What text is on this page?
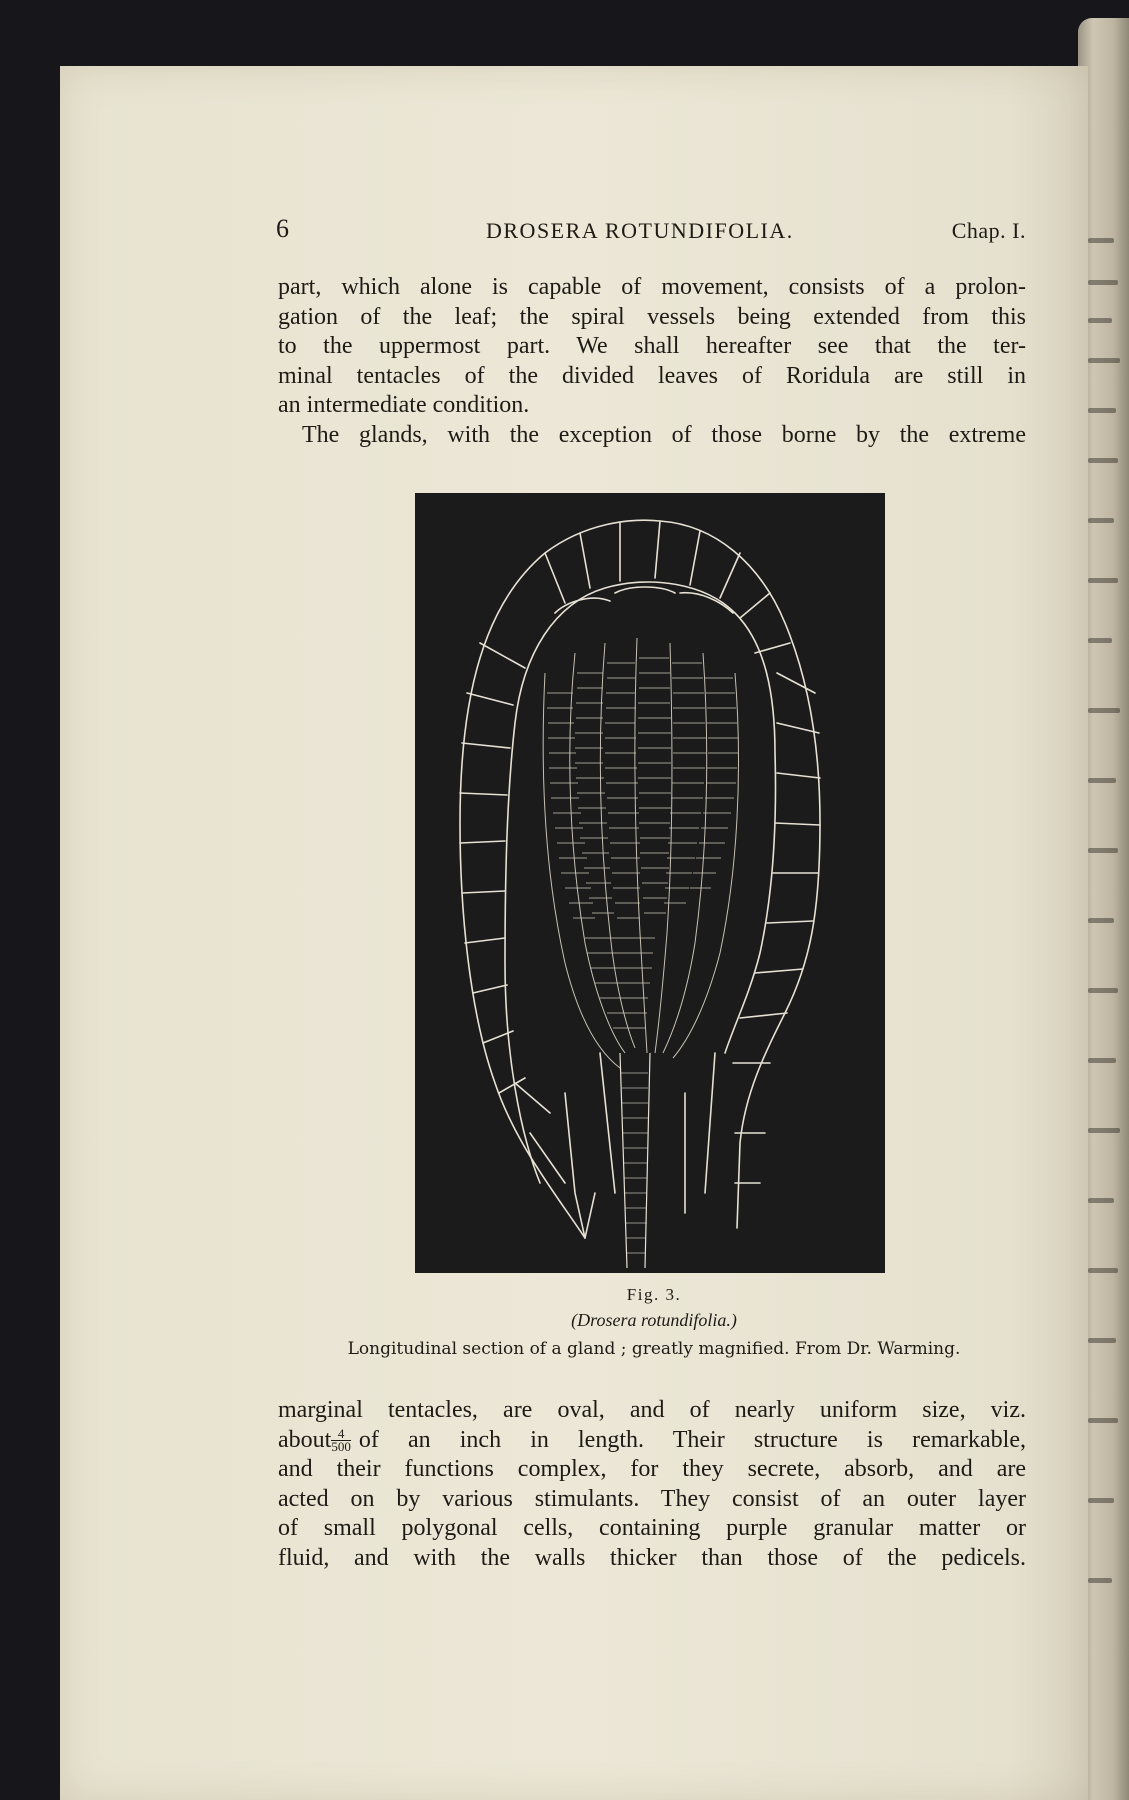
6	DROSERA ROTUNDIFOLIA.	Chap. I.
part, which alone is capable of movement, consists of a prolon-
gation of the leaf; the spiral vessels being extended from this
to the uppermost part. We shall hereafter see that the ter-
minal tentacles of the divided leaves of Roridula are still in
an intermediate condition.
The glands, with the exception of those borne by the extreme
Fig. 3.
(Drosera rotundifolia.)
Longitudinal section of a gland ; greatly magnified. From Dr. Warming.
marginal tentacles, are oval, and of nearly uniform size, viz.
about $\frac{4}{500}$ of an inch in length. Their structure is remarkable,
and their functions complex, for they secrete, absorb, and are
acted on by various stimulants. They consist of an outer layer
of small polygonal cells, containing purple granular matter or
fluid, and with the walls thicker than those of the pedicels.
